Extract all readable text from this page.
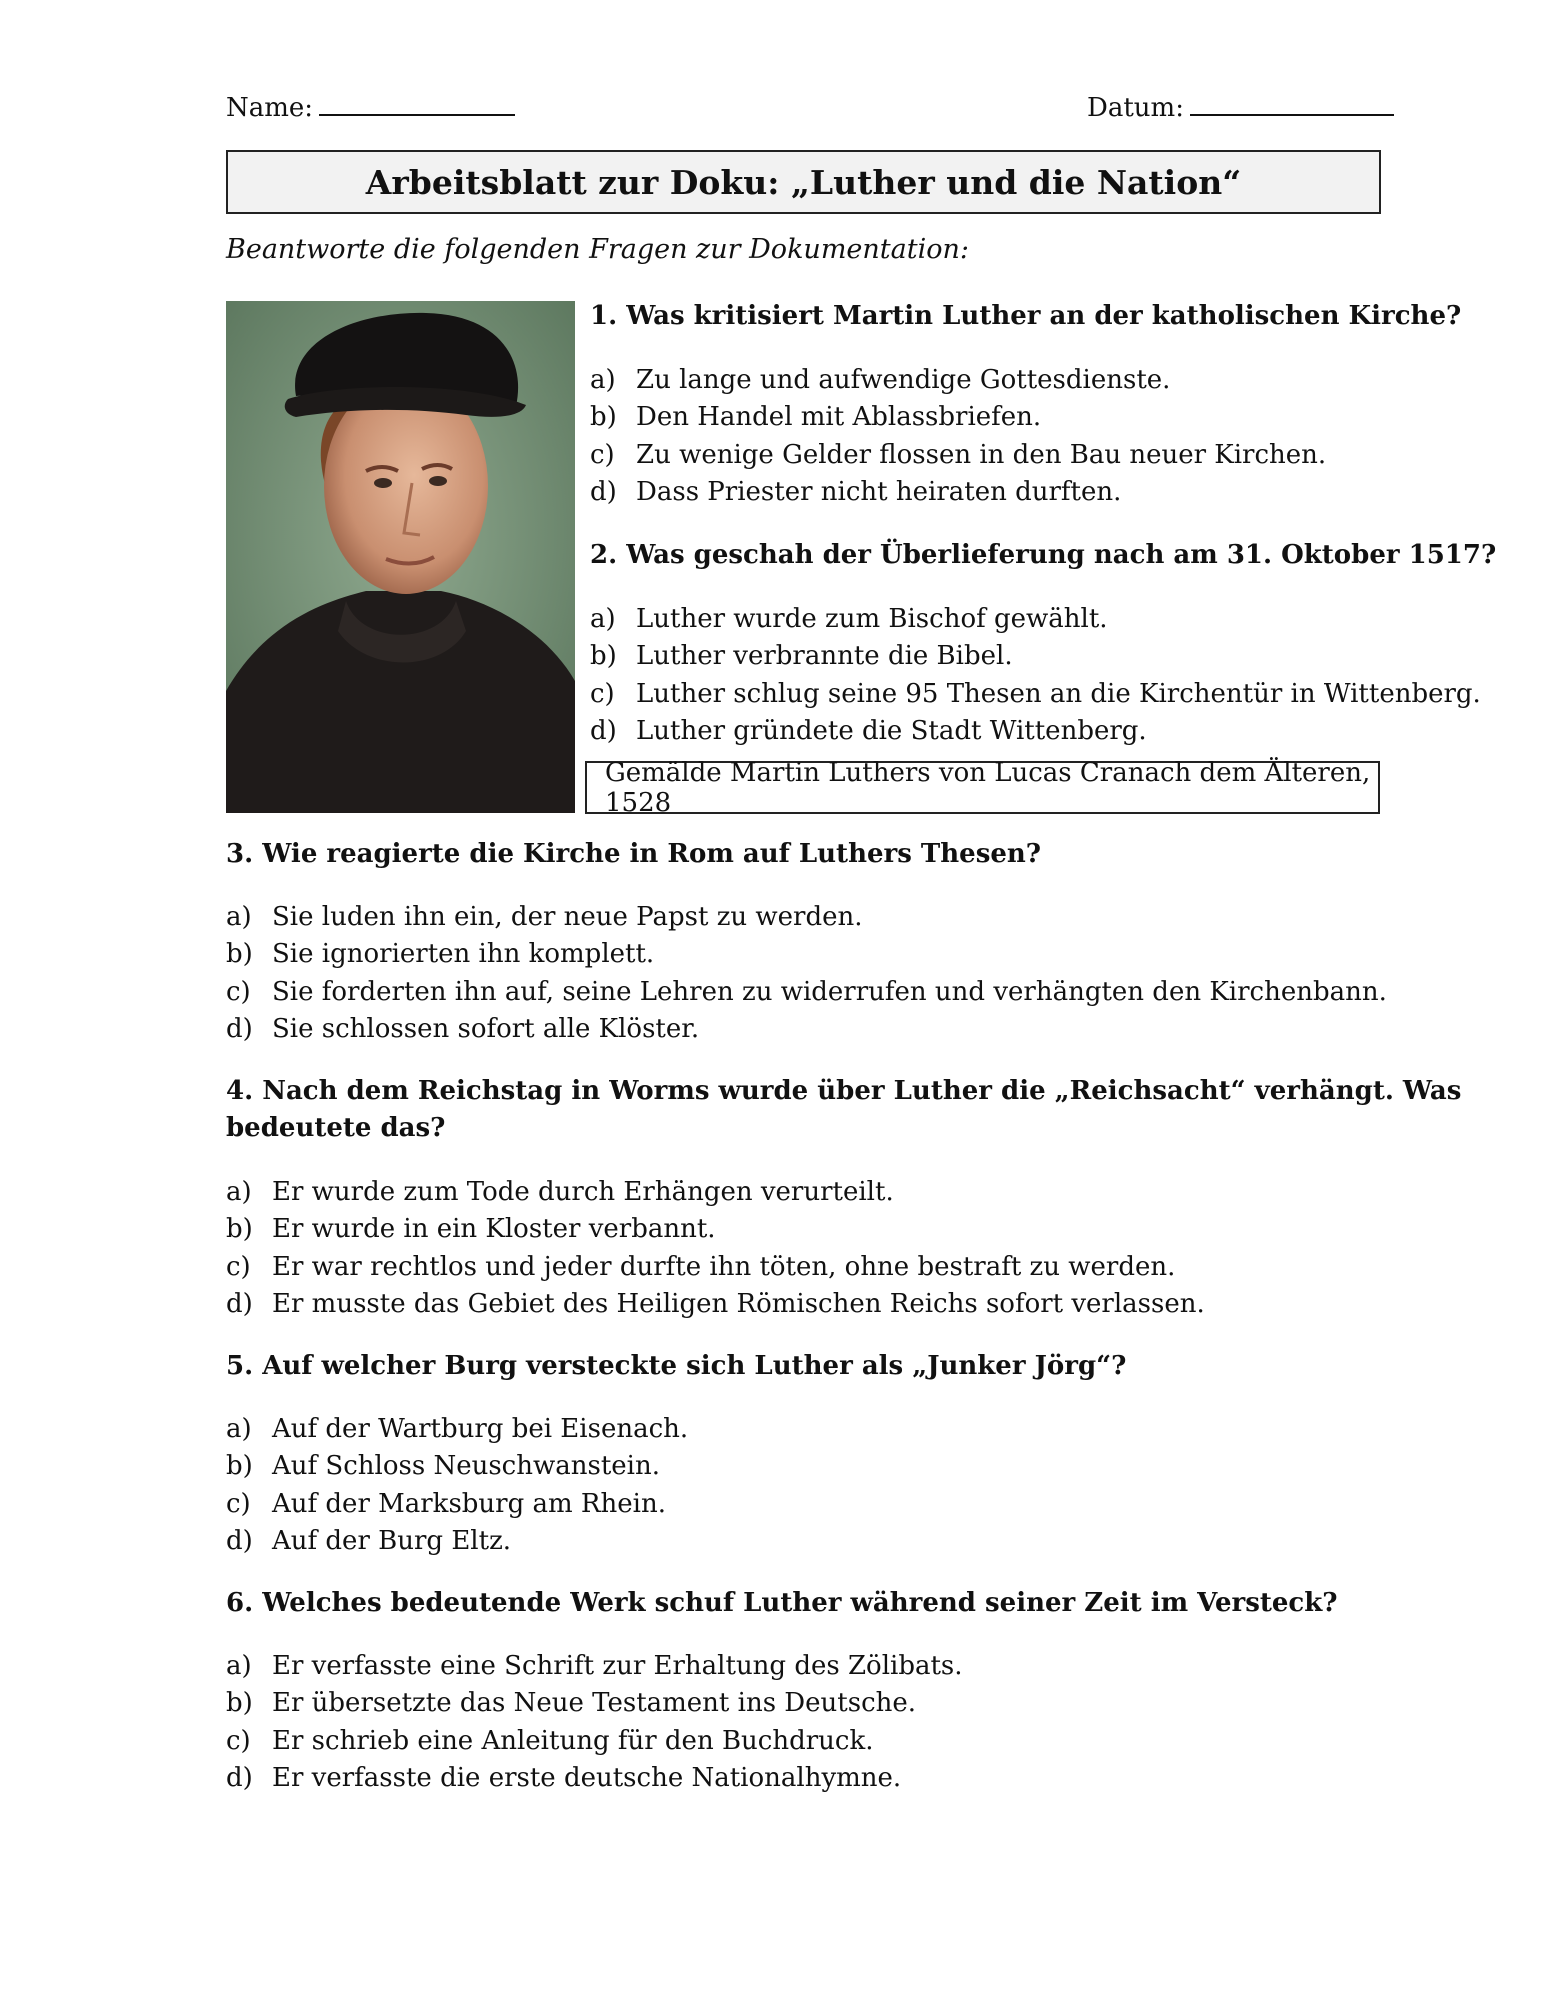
Name:	Datum:
Arbeitsblatt zur Doku: „Luther und die Nation“
Beantworte die folgenden Fragen zur Dokumentation:
1. Was kritisiert Martin Luther an der katholischen Kirche?
a) Zu lange und aufwendige Gottesdienste.
b) Den Handel mit Ablassbriefen.
c) Zu wenige Gelder flossen in den Bau neuer Kirchen.
d) Dass Priester nicht heiraten durften.
2. Was geschah der Überlieferung nach am 31. Oktober 1517?
a) Luther wurde zum Bischof gewählt.
b) Luther verbrannte die Bibel.
c) Luther schlug seine 95 Thesen an die Kirchentür in Wittenberg.
d) Luther gründete die Stadt Wittenberg.
Gemälde Martin Luthers von Lucas Cranach dem Älteren, 1528
3. Wie reagierte die Kirche in Rom auf Luthers Thesen?
a) Sie luden ihn ein, der neue Papst zu werden.
b) Sie ignorierten ihn komplett.
c) Sie forderten ihn auf, seine Lehren zu widerrufen und verhängten den Kirchenbann.
d) Sie schlossen sofort alle Klöster.
4. Nach dem Reichstag in Worms wurde über Luther die „Reichsacht“ verhängt. Was
bedeutete das?
a) Er wurde zum Tode durch Erhängen verurteilt.
b) Er wurde in ein Kloster verbannt.
c) Er war rechtlos und jeder durfte ihn töten, ohne bestraft zu werden.
d) Er musste das Gebiet des Heiligen Römischen Reichs sofort verlassen.
5. Auf welcher Burg versteckte sich Luther als „Junker Jörg“?
a) Auf der Wartburg bei Eisenach.
b) Auf Schloss Neuschwanstein.
c) Auf der Marksburg am Rhein.
d) Auf der Burg Eltz.
6. Welches bedeutende Werk schuf Luther während seiner Zeit im Versteck?
a) Er verfasste eine Schrift zur Erhaltung des Zölibats.
b) Er übersetzte das Neue Testament ins Deutsche.
c) Er schrieb eine Anleitung für den Buchdruck.
d) Er verfasste die erste deutsche Nationalhymne.
